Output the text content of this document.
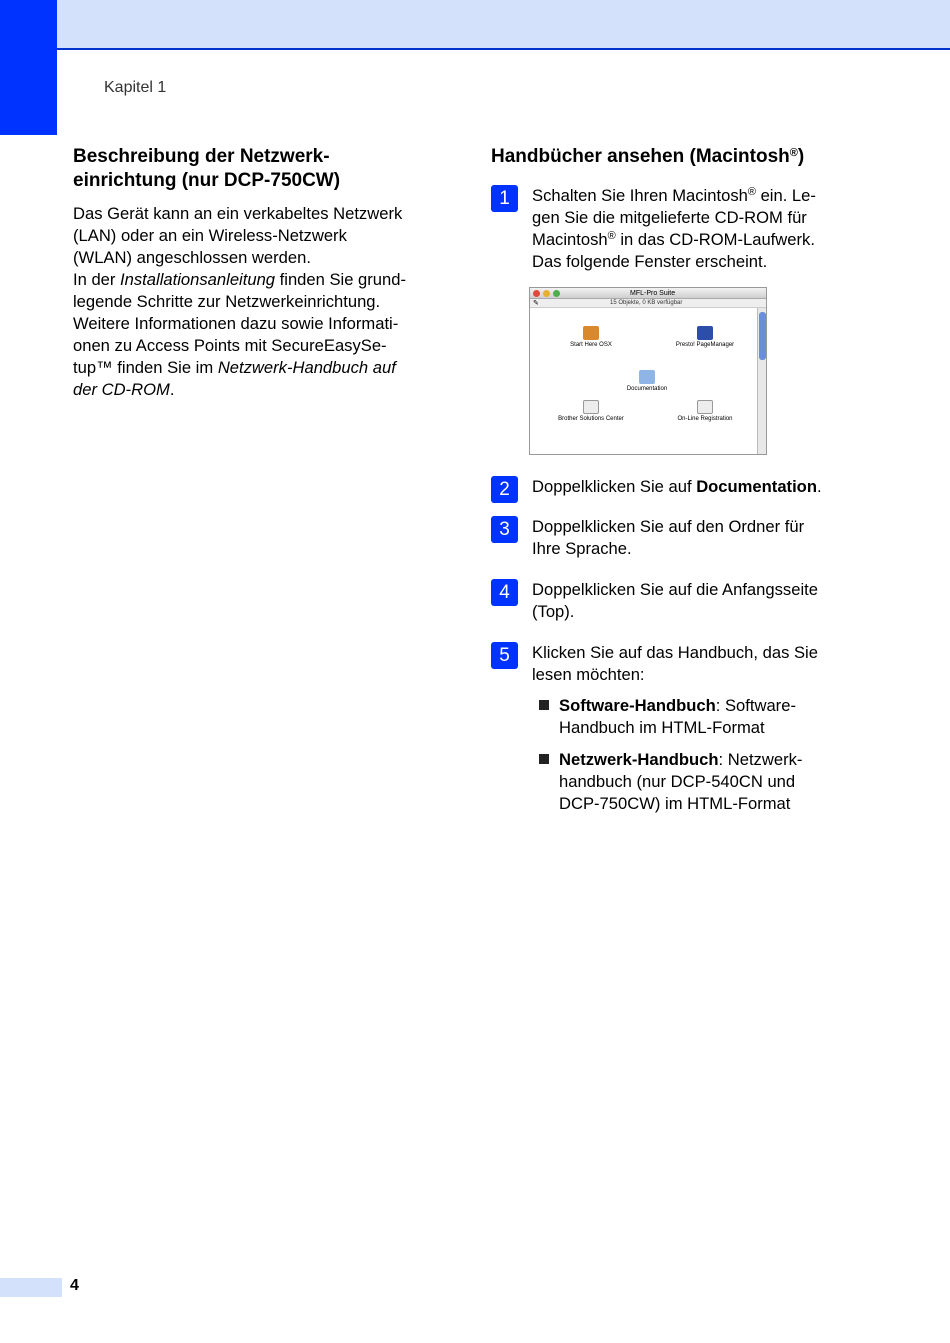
Kapitel 1
Beschreibung der Netzwerk-
einrichtung (nur DCP-750CW)
Das Gerät kann an ein verkabeltes Netzwerk
(LAN) oder an ein Wireless-Netzwerk
(WLAN) angeschlossen werden.
In der Installationsanleitung finden Sie grund-
legende Schritte zur Netzwerkeinrichtung.
Weitere Informationen dazu sowie Informati-
onen zu Access Points mit SecureEasySe-
tup™ finden Sie im Netzwerk-Handbuch auf
der CD-ROM.
Handbücher ansehen (Macintosh®)
1	Schalten Sie Ihren Macintosh® ein. Le-
gen Sie die mitgelieferte CD-ROM für
Macintosh® in das CD-ROM-Laufwerk.
Das folgende Fenster erscheint.
MFL-Pro Suite
✎	15 Objekte, 0 KB verfügbar
Start Here OSX	Presto! PageManager
Documentation
Brother Solutions Center	On-Line Registration
2	Doppelklicken Sie auf Documentation.
3	Doppelklicken Sie auf den Ordner für
Ihre Sprache.
4	Doppelklicken Sie auf die Anfangsseite
(Top).
5	Klicken Sie auf das Handbuch, das Sie
lesen möchten:
Software-Handbuch: Software-
Handbuch im HTML-Format
Netzwerk-Handbuch: Netzwerk-
handbuch (nur DCP-540CN und
DCP-750CW) im HTML-Format
4
